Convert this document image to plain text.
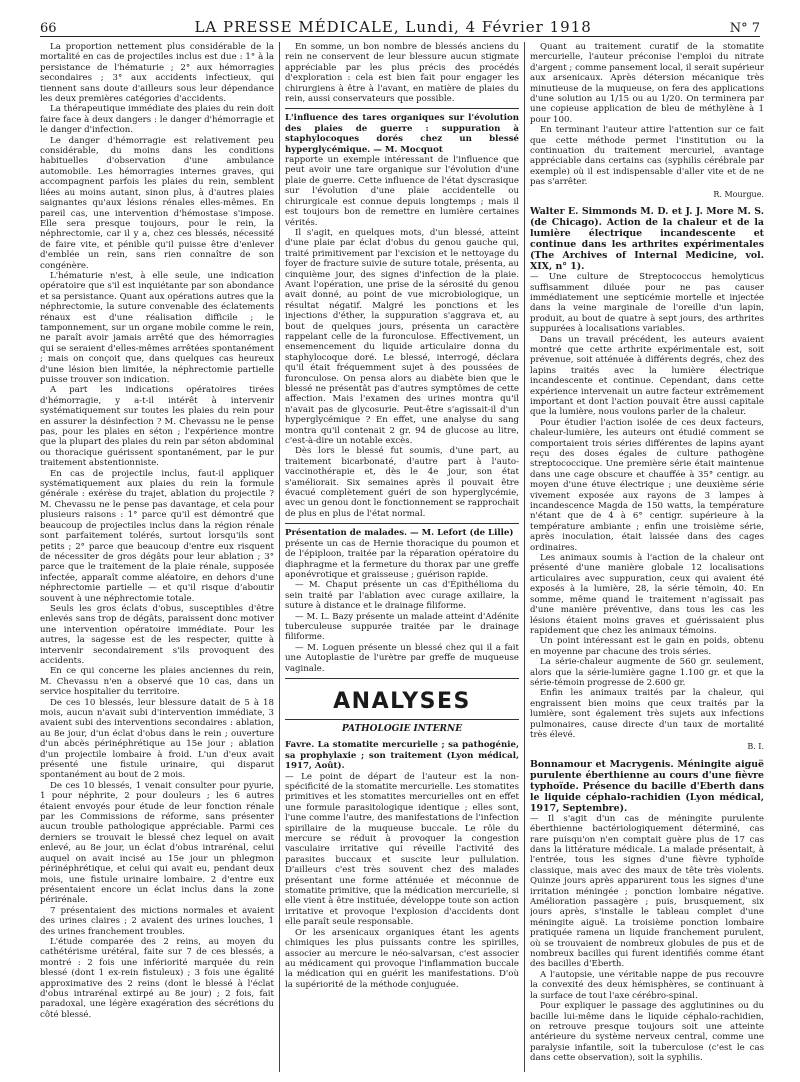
66	LA PRESSE MÉDICALE, Lundi, 4 Février 1918	N° 7

La proportion nettement plus considérable de la mortalité en cas de projectiles inclus est due : 1° à la persistance de l'hématurie ; 2° aux hémorragies secondaires ; 3° aux accidents infectieux, qui tiennent sans doute d'ailleurs sous leur dépendance les deux premières catégories d'accidents.

La thérapeutique immédiate des plaies du rein doit faire face à deux dangers : le danger d'hémorragie et le danger d'infection.

Le danger d'hémorragie est relativement peu considérable, du moins dans les conditions habituelles d'observation d'une ambulance automobile. Les hémorragies internes graves, qui accompagnent parfois les plaies du rein, semblent liées au moins autant, sinon plus, à d'autres plaies saignantes qu'aux lésions rénales elles-mêmes. En pareil cas, une intervention d'hémostase s'impose. Elle sera presque toujours, pour le rein, la néphrectomie, car il y a, chez ces blessés, nécessité de faire vite, et pénible qu'il puisse être d'enlever d'emblée un rein, sans rien connaître de son congénère.

L'hématurie n'est, à elle seule, une indication opératoire que s'il est inquiétante par son abondance et sa persistance. Quant aux opérations autres que la néphrectomie, la suture convenable des éclatements rénaux est d'une réalisation difficile ; le tamponnement, sur un organe mobile comme le rein, ne paraît avoir jamais arrêté que des hémorragies qui se seraient d'elles-mêmes arrêtées spontanément ; mais on conçoit que, dans quelques cas heureux d'une lésion bien limitée, la néphrectomie partielle puisse trouver son indication.

A part les indications opératoires tirées d'hémorragie, y a-t-il intérêt à intervenir systématiquement sur toutes les plaies du rein pour en assurer la désinfection ? M. Chevassu ne le pense pas, pour les plaies en séton ; l'expérience montre que la plupart des plaies du rein par séton abdominal ou thoracique guérissent spontanément, par le pur traitement abstentionniste.

En cas de projectile inclus, faut-il appliquer systématiquement aux plaies du rein la formule générale : exérèse du trajet, ablation du projectile ? M. Chevassu ne le pense pas davantage, et cela pour plusieurs raisons : 1° parce qu'il est démontré que beaucoup de projectiles inclus dans la région rénale sont parfaitement tolérés, surtout lorsqu'ils sont petits ; 2° parce que beaucoup d'entre eux risquent de nécessiter de gros dégâts pour leur ablation ; 3° parce que le traitement de la plaie rénale, supposée infectée, apparaît comme aléatoire, en dehors d'une néphrectomie partielle — et qu'il risque d'aboutir souvent à une néphrectomie totale.

Seuls les gros éclats d'obus, susceptibles d'être enlevés sans trop de dégâts, paraissent donc motiver une intervention opératoire immédiate. Pour les autres, la sagesse est de les respecter, quitte à intervenir secondairement s'ils provoquent des accidents.

En ce qui concerne les plaies anciennes du rein, M. Chevassu n'en a observé que 10 cas, dans un service hospitalier du territoire.

De ces 10 blessés, leur blessure datait de 5 à 18 mois, aucun n'avait subi d'intervention immédiate, 3 avaient subi des interventions secondaires : ablation, au 8e jour, d'un éclat d'obus dans le rein ; ouverture d'un abcès périnéphrétique au 15e jour ; ablation d'un projectile lombaire à froid. L'un d'eux avait présenté une fistule urinaire, qui disparut spontanément au bout de 2 mois.

De ces 10 blessés, 1 venait consulter pour pyurie, 1 pour néphrite, 2 pour douleurs ; les 6 autres étaient envoyés pour étude de leur fonction rénale par les Commissions de réforme, sans présenter aucun trouble pathologique appréciable. Parmi ces derniers se trouvait le blessé chez lequel on avait enlevé, au 8e jour, un éclat d'obus intrarénal, celui auquel on avait incisé au 15e jour un phlegmon périnéphrétique, et celui qui avait eu, pendant deux mois, une fistule urinaire lombaire. 2 d'entre eux présentaient encore un éclat inclus dans la zone périrénale.

7 présentaient des mictions normales et avaient des urines claires ; 2 avaient des urines louches, 1 des urines franchement troubles.

L'étude comparée des 2 reins, au moyen du cathétérisme urétéral, faite sur 7 de ces blessés, a montré : 2 fois une infériorité marquée du rein blessé (dont 1 ex-rein fistuleux) ; 3 fois une égalité approximative des 2 reins (dont le blessé à l'éclat d'obus intrarénal extirpé au 8e jour) ; 2 fois, fait paradoxal, une légère exagération des sécrétions du côté blessé.

En somme, un bon nombre de blessés anciens du rein ne conservent de leur blessure aucun stigmate appréciable par les plus précis des procédés d'exploration : cela est bien fait pour engager les chirurgiens à être à l'avant, en matière de plaies du rein, aussi conservateurs que possible.

L'influence des tares organiques sur l'évolution des plaies de guerre : suppuration à staphylocoques dorés chez un blessé hyperglycémique. — M. Mocquot

rapporte un exemple intéressant de l'influence que peut avoir une tare organique sur l'évolution d'une plaie de guerre. Cette influence de l'état dyscrasique sur l'évolution d'une plaie accidentelle ou chirurgicale est connue depuis longtemps ; mais il est toujours bon de remettre en lumière certaines vérités.

Il s'agit, en quelques mots, d'un blessé, atteint d'une plaie par éclat d'obus du genou gauche qui, traité primitivement par l'excision et le nettoyage du foyer de fracture suivie de suture totale, présenta, au cinquième jour, des signes d'infection de la plaie. Avant l'opération, une prise de la sérosité du genou avait donné, au point de vue microbiologique, un résultat négatif. Malgré les ponctions et les injections d'éther, la suppuration s'aggrava et, au bout de quelques jours, présenta un caractère rappelant celle de la furonculose. Effectivement, un ensemencement du liquide articulaire donna du staphylocoque doré. Le blessé, interrogé, déclara qu'il était fréquemment sujet à des poussées de furonculose. On pensa alors au diabète bien que le blessé ne présentât pas d'autres symptômes de cette affection. Mais l'examen des urines montra qu'il n'avait pas de glycosurie. Peut-être s'agissait-il d'un hyperglycémique ? En effet, une analyse du sang montra qu'il contenait 2 gr. 94 de glucose au litre, c'est-à-dire un notable excès.

Dès lors le blessé fut soumis, d'une part, au traitement bicarbonaté, d'autre part à l'auto-vaccinothérapie et, dès le 4e jour, son état s'améliorait. Six semaines après il pouvait être évacué complètement guéri de son hyperglycémie, avec un genou dont le fonctionnement se rapprochait de plus en plus de l'état normal.

Présentation de malades. — M. Lefort (de Lille)

présente un cas de Hernie thoracique du poumon et de l'épiploon, traitée par la réparation opératoire du diaphragme et la fermeture du thorax par une greffe aponévrotique et graisseuse ; guérison rapide.

— M. Chaput présente un cas d'Épithélioma du sein traité par l'ablation avec curage axillaire, la suture à distance et le drainage filiforme.

— M. L. Bazy présente un malade atteint d'Adénite tuberculeuse suppurée traitée par le drainage filiforme.

— M. Loguen présente un blessé chez qui il a fait une Autoplastie de l'urètre par greffe de muqueuse vaginale.

ANALYSES
PATHOLOGIE INTERNE

Favre. La stomatite mercurielle ; sa pathogénie, sa prophylaxie ; son traitement (Lyon médical, 1917, Août).

— Le point de départ de l'auteur est la non-spécificité de la stomatite mercurielle. Les stomatites primitives et les stomatites mercurielles ont en effet une formule parasitologique identique ; elles sont, l'une comme l'autre, des manifestations de l'infection spirillaire de la muqueuse buccale. Le rôle du mercure se réduit à provoquer la congestion vasculaire irritative qui réveille l'activité des parasites buccaux et suscite leur pullulation. D'ailleurs c'est très souvent chez des malades présentant une forme atténuée et méconnue de stomatite primitive, que la médication mercurielle, si elle vient à être instituée, développe toute son action irritative et provoque l'explosion d'accidents dont elle paraît seule responsable.

Or les arsenicaux organiques étant les agents chimiques les plus puissants contre les spirilles, associer au mercure le néo-salvarsan, c'est associer au médicament qui provoque l'inflammation buccale la médication qui en guérit les manifestations. D'où la supériorité de la méthode conjuguée.

Quant au traitement curatif de la stomatite mercurielle, l'auteur préconise l'emploi du nitrate d'argent ; comme pansement local, il serait supérieur aux arsenicaux. Après détersion mécanique très minutieuse de la muqueuse, on fera des applications d'une solution au 1/15 ou au 1/20. On terminera par une copieuse application de bleu de méthylène à 1 pour 100.

En terminant l'auteur attire l'attention sur ce fait que cette méthode permet l'institution ou la continuation du traitement mercuriel, avantage appréciable dans certains cas (syphilis cérébrale par exemple) où il est indispensable d'aller vite et de ne pas s'arrêter.

R. Mourgue.

Walter E. Simmonds M. D. et J. J. More M. S. (de Chicago). Action de la chaleur et de la lumière électrique incandescente et continue dans les arthrites expérimentales (The Archives of Internal Medicine, vol. XIX, n° 1).

— Une culture de Streptococcus hemolyticus suffisamment diluée pour ne pas causer immédiatement une septicémie mortelle et injectée dans la veine marginale de l'oreille d'un lapin, produit, au bout de quatre à sept jours, des arthrites suppurées à localisations variables.

Dans un travail précédent, les auteurs avaient montré que cette arthrite expérimentale est, soit prévenue, soit atténuée à différents degrés, chez des lapins traités avec la lumière électrique incandescente et continue. Cependant, dans cette expérience intervenait un autre facteur extrêmement important et dont l'action pouvait être aussi capitale que la lumière, nous voulons parler de la chaleur.

Pour étudier l'action isolée de ces deux facteurs, chaleur-lumière, les auteurs ont étudié comment se comportaient trois séries différentes de lapins ayant reçu des doses égales de culture pathogène streptococcique. Une première série était maintenue dans une cage obscure et chauffée à 35° centigr. au moyen d'une étuve électrique ; une deuxième série vivement exposée aux rayons de 3 lampes à incandescence Magda de 150 watts, la température n'étant que de 4 à 6° centigr. supérieure à la température ambiante ; enfin une troisième série, après inoculation, était laissée dans des cages ordinaires.

Les animaux soumis à l'action de la chaleur ont présenté d'une manière globale 12 localisations articulaires avec suppuration, ceux qui avaient été exposés à la lumière, 28, la série témoin, 40. En somme, même quand le traitement n'agissait pas d'une manière préventive, dans tous les cas les lésions étaient moins graves et guérissaient plus rapidement que chez les animaux témoins.

Un point intéressant est le gain en poids, obtenu en moyenne par chacune des trois séries.

La série-chaleur augmente de 560 gr. seulement, alors que la série-lumière gagne 1.100 gr. et que la série-témoin progresse de 2.600 gr.

Enfin les animaux traités par la chaleur, qui engraissent bien moins que ceux traités par la lumière, sont également très sujets aux infections pulmonaires, cause directe d'un taux de mortalité très élevé.

B. I.

Bonnamour et Macrygenis. Méningite aiguë purulente éberthienne au cours d'une fièvre typhoïde. Présence du bacille d'Eberth dans le liquide céphalo-rachidien (Lyon médical, 1917, Septembre).

— Il s'agit d'un cas de méningite purulente éberthienne bactériologiquement déterminé, cas rare puisqu'on n'en comptait guère plus de 17 cas dans la littérature médicale. La malade présentait, à l'entrée, tous les signes d'une fièvre typhoïde classique, mais avec des maux de tête très violents. Quinze jours après apparurent tous les signes d'une irritation méningée ; ponction lombaire négative. Amélioration passagère ; puis, brusquement, six jours après, s'installe le tableau complet d'une méningite aiguë. La troisième ponction lombaire pratiquée ramena un liquide franchement purulent, où se trouvaient de nombreux globules de pus et de nombreux bacilles qui furent identifiés comme étant des bacilles d'Eberth.

A l'autopsie, une véritable nappe de pus recouvre la convexité des deux hémisphères, se continuant à la surface de tout l'axe cérébro-spinal.

Pour expliquer le passage des agglutinines ou du bacille lui-même dans le liquide céphalo-rachidien, on retrouve presque toujours soit une atteinte antérieure du système nerveux central, comme une paralysie infantile, soit la tuberculose (c'est le cas dans cette observation), soit la syphilis.
